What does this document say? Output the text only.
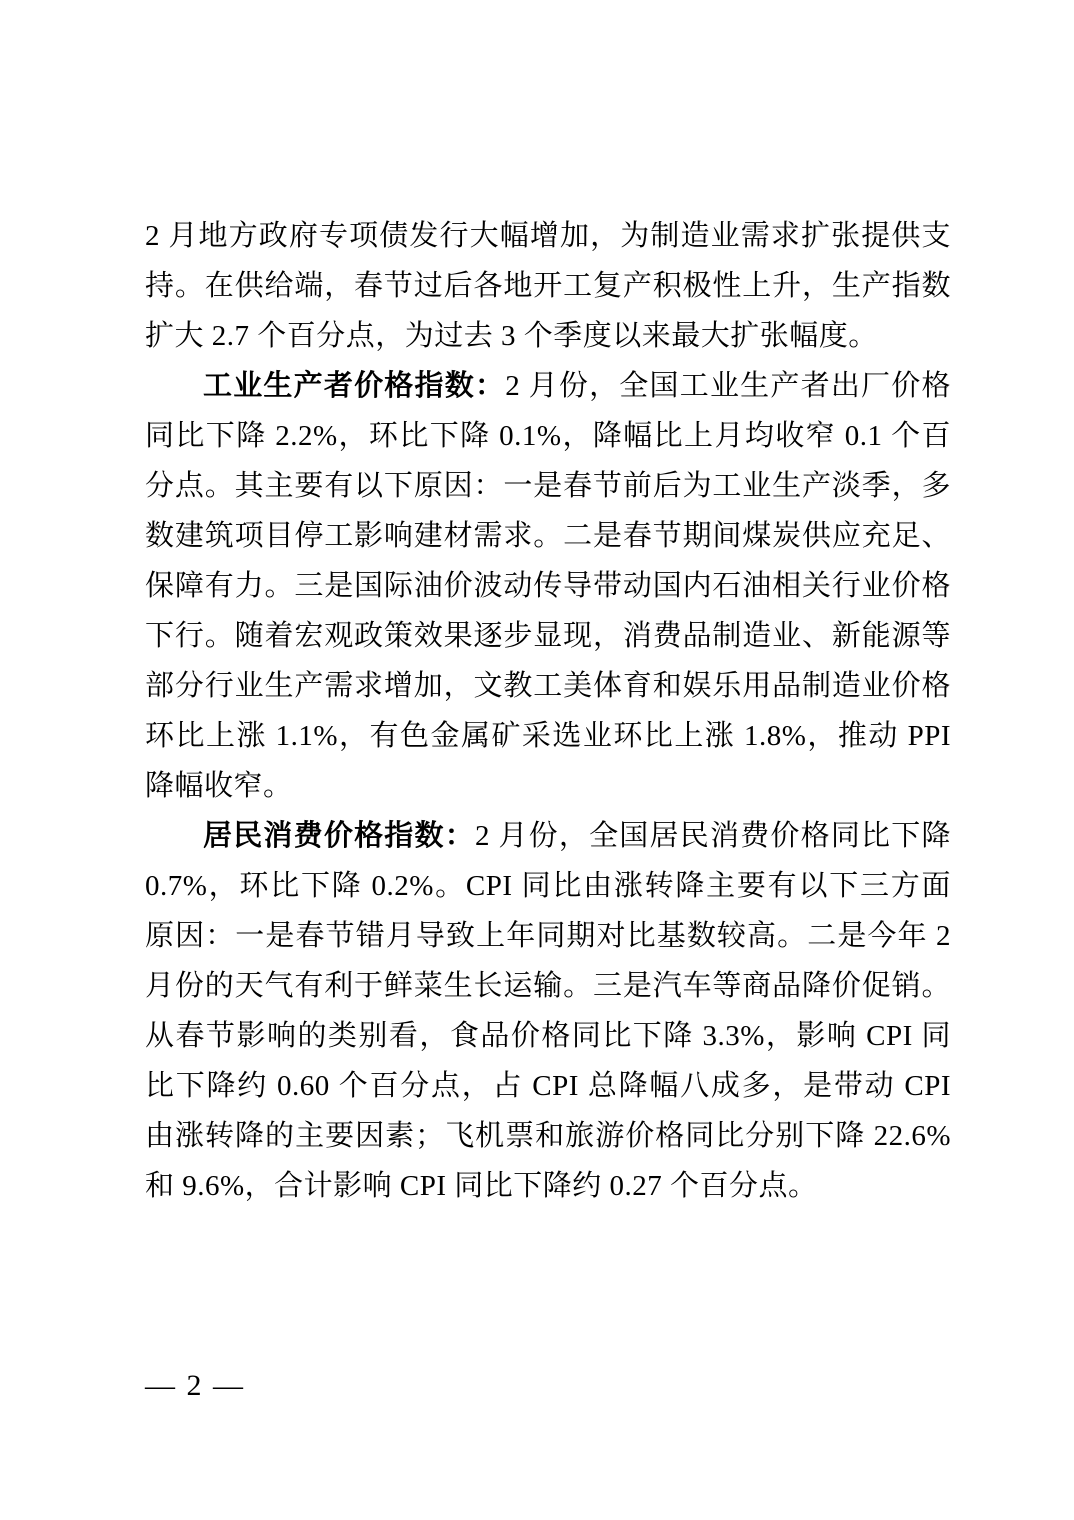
2 月地方政府专项债发行大幅增加，为制造业需求扩张提供支持。在供给端，春节过后各地开工复产积极性上升，生产指数扩大 2.7 个百分点，为过去 3 个季度以来最大扩张幅度。

工业生产者价格指数：2 月份，全国工业生产者出厂价格同比下降 2.2%，环比下降 0.1%，降幅比上月均收窄 0.1 个百分点。其主要有以下原因：一是春节前后为工业生产淡季，多数建筑项目停工影响建材需求。二是春节期间煤炭供应充足、保障有力。三是国际油价波动传导带动国内石油相关行业价格下行。随着宏观政策效果逐步显现，消费品制造业、新能源等部分行业生产需求增加，文教工美体育和娱乐用品制造业价格环比上涨 1.1%，有色金属矿采选业环比上涨 1.8%，推动 PPI 降幅收窄。

居民消费价格指数：2 月份，全国居民消费价格同比下降 0.7%，环比下降 0.2%。CPI 同比由涨转降主要有以下三方面原因：一是春节错月导致上年同期对比基数较高。二是今年 2 月份的天气有利于鲜菜生长运输。三是汽车等商品降价促销。从春节影响的类别看，食品价格同比下降 3.3%，影响 CPI 同比下降约 0.60 个百分点，占 CPI 总降幅八成多，是带动 CPI 由涨转降的主要因素；飞机票和旅游价格同比分别下降 22.6%和 9.6%，合计影响 CPI 同比下降约 0.27 个百分点。

— 2 —
